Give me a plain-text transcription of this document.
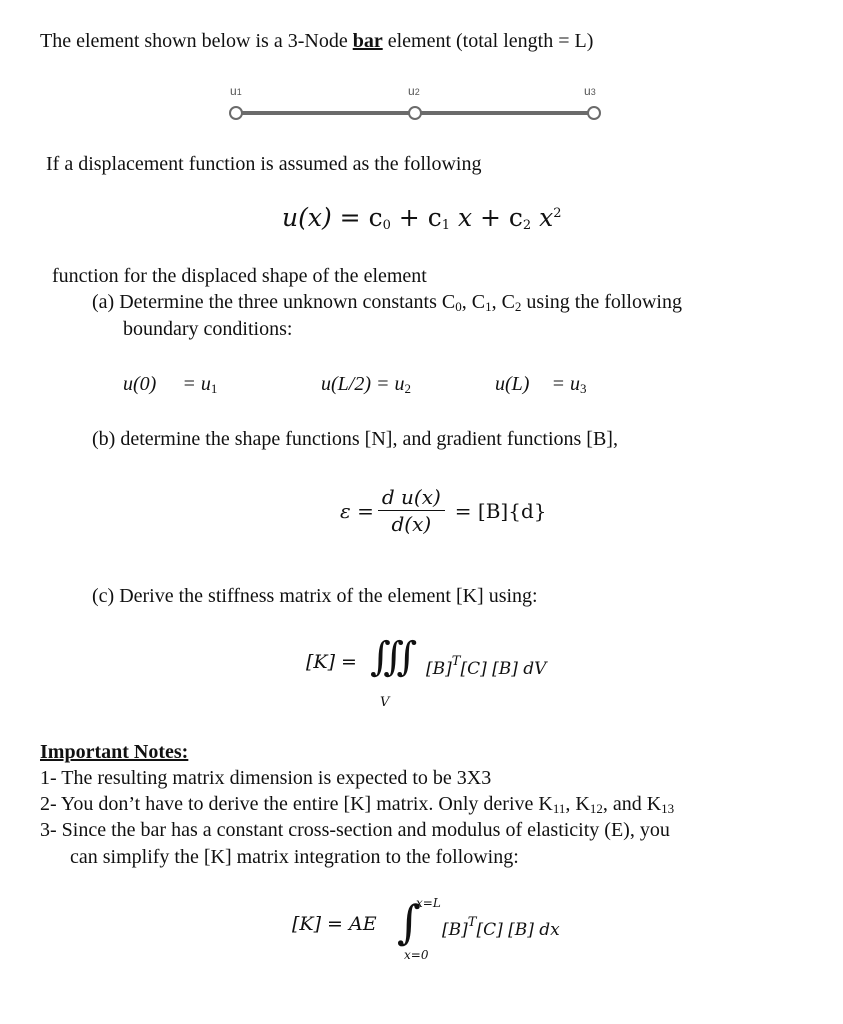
The element shown below is a 3-Node bar element (total length = L)
u1	u2	u3
If a displacement function is assumed as the following
$u(x) = c_0 + c_1$ $x + c_2$ $x^2$
function for the displaced shape of the element
(a) Determine the three unknown constants $C_0$, $C_1$, $C_2$ using the following
boundary conditions:
$u(0) = u_1$	$u(L/2) = u_2$	$u(L) = u_3$
(b) determine the shape functions [N], and gradient functions [B],
$\varepsilon = \frac{\text{d u(x)}}{d(x)} = [B]\{d\}$
(c) Derive the stiffness matrix of the element [K] using:
[K] = ∭
V
$[B]^T[C]$ [B] dV
Important Notes:
1- The resulting matrix dimension is expected to be 3X3
2- You don’t have to derive the entire [K] matrix. Only derive $K_{11}$, $K_{12}$, and $K_{13}$
3- Since the bar has a constant cross-section and modulus of elasticity (E), you
can simplify the [K] matrix integration to the following:
[K] = AE ∫
x=L
x=0
$[B]^T[C]$ [B] dx
